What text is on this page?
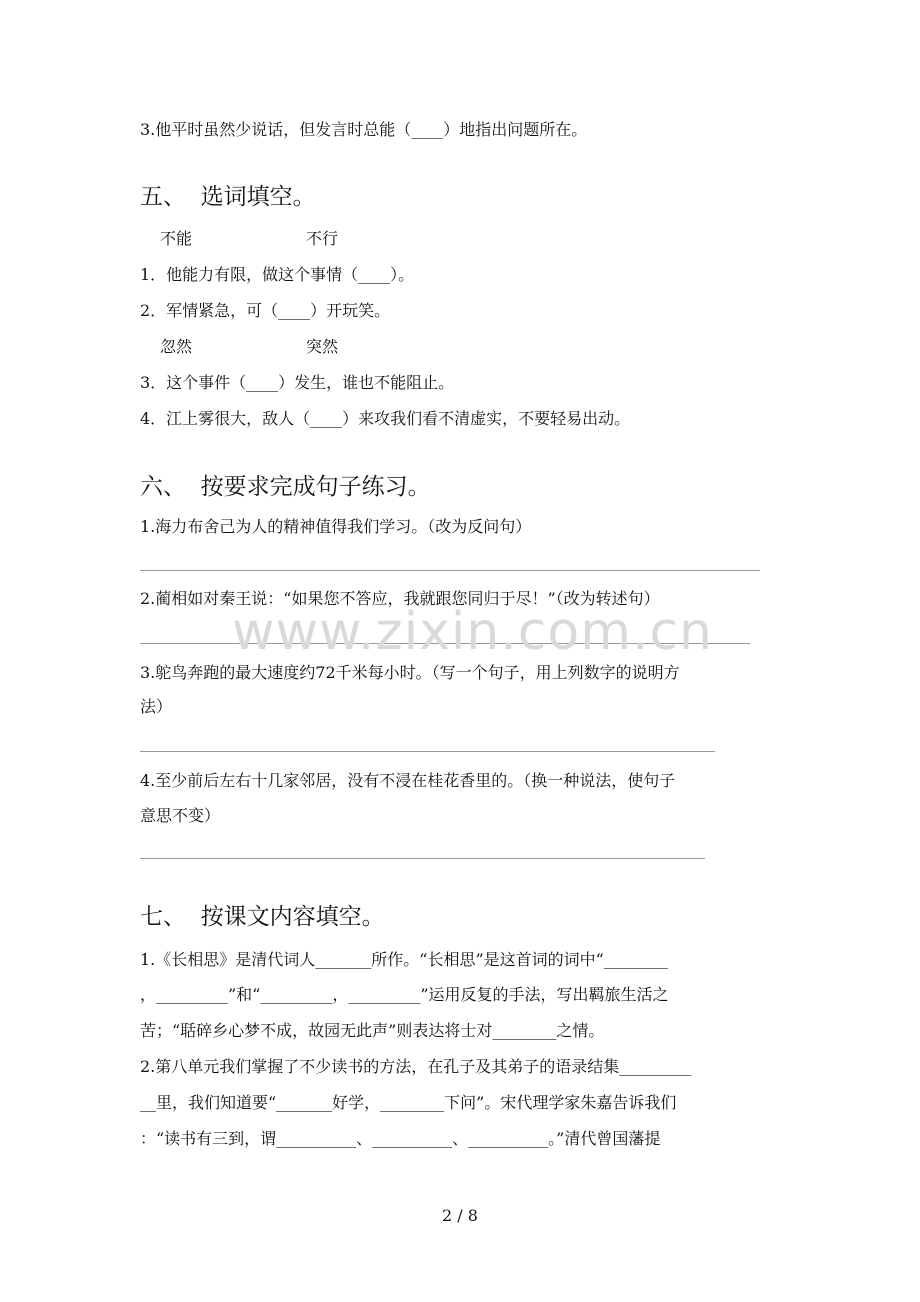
3.他平时虽然少说话，但发言时总能（____）地指出问题所在。
五、  选词填空。
不能	不行
1．他能力有限，做这个事情（____）。
2．军情紧急，可（____）开玩笑。
忽然	突然
3．这个事件（____）发生，谁也不能阻止。
4．江上雾很大，敌人（____）来攻我们看不清虚实，不要轻易出动。
六、  按要求完成句子练习。
1.海力布舍己为人的精神值得我们学习。（改为反问句）
2.蔺相如对秦王说：“如果您不答应，我就跟您同归于尽！”（改为转述句）
3.鸵鸟奔跑的最大速度约72千米每小时。（写一个句子，用上列数字的说明方
法）
4.至少前后左右十几家邻居，没有不浸在桂花香里的。（换一种说法，使句子
意思不变）
七、  按课文内容填空。
1.《长相思》是清代词人_______所作。“长相思”是这首词的词中“________
，_________”和“_________，_________”运用反复的手法，写出羁旅生活之
苦；“聒碎乡心梦不成，故园无此声”则表达将士对________之情。
2.第八单元我们掌握了不少读书的方法，在孔子及其弟子的语录结集_________
__里，我们知道要“_______好学，________下问”。宋代理学家朱嘉告诉我们
：“读书有三到，谓__________、__________、__________。”清代曾国藩提
www.zixin.com.cn
2 / 8
